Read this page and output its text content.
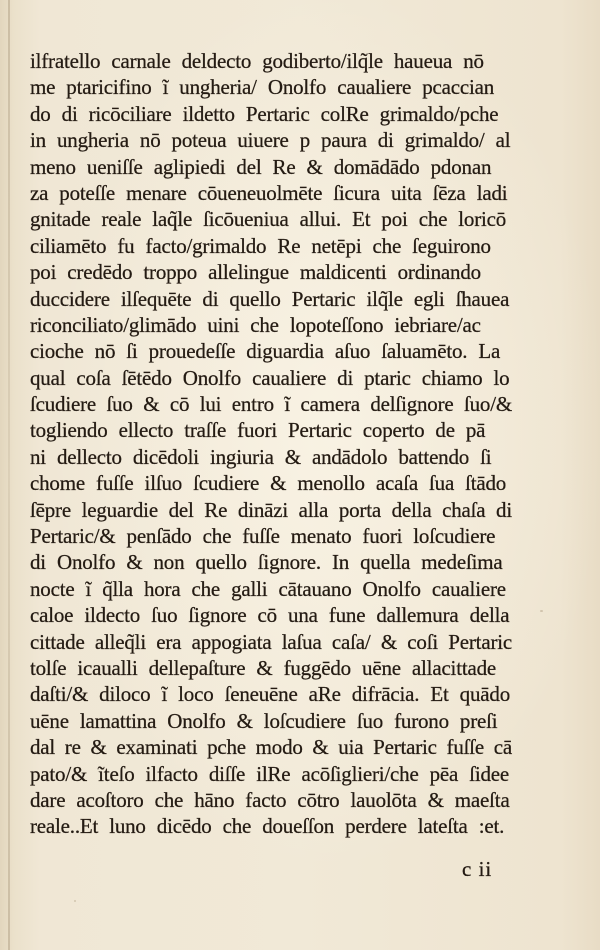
ilfratello carnale deldecto godiberto/ilq̃le haueua nō
me ptaricifino ĩ ungheria/ Onolfo caualiere pcaccian
do di ricōciliare ildetto Pertaric colRe grimaldo/pche
in ungheria nō poteua uiuere p paura di grimaldo/ al
meno ueniſſe aglipiedi del Re & domādādo pdonan
za poteſſe menare cōueneuolmēte ſicura uita ſēza ladi
gnitade reale laq̃le ſicōueniua allui. Et poi che loricō
ciliamēto fu facto/grimaldo Re netēpi che ſeguirono
poi credēdo troppo allelingue maldicenti ordinando
duccidere ilſequēte di quello Pertaric ilq̃le egli ſhauea
riconciliato/glimādo uini che lopoteſſono iebriare/ac
cioche nō ſi prouedeſſe diguardia aſuo ſaluamēto. La
qual coſa ſētēdo Onolfo caualiere di ptaric chiamo lo
ſcudiere ſuo & cō lui entro ĩ camera delſignore ſuo/&
togliendo ellecto traſſe fuori Pertaric coperto de pā
ni dellecto dicēdoli ingiuria & andādolo battendo ſi
chome fuſſe ilſuo ſcudiere & menollo acaſa ſua ſtādo
ſēpre leguardie del Re dināzi alla porta della chaſa di
Pertaric/& penſādo che fuſſe menato fuori loſcudiere
di Onolfo & non quello ſignore. In quella medeſima
nocte ĩ q̃lla hora che galli cātauano Onolfo caualiere
caloe ildecto ſuo ſignore cō una fune dallemura della
cittade alleq̃li era appogiata laſua caſa/ & coſi Pertaric
tolſe icaualli dellepaſture & fuggēdo uēne allacittade
daſti/& diloco ĩ loco ſeneuēne aRe difrācia. Et quādo
uēne lamattina Onolfo & loſcudiere ſuo furono preſi
dal re & examinati pche modo & uia Pertaric fuſſe cā
pato/& ĩteſo ilfacto diſſe ilRe acōſiglieri/che pēa ſidee
dare acoſtoro che hāno facto cōtro lauolōta & maeſta
reale..Et luno dicēdo che doueſſon perdere lateſta :et.
c ii
